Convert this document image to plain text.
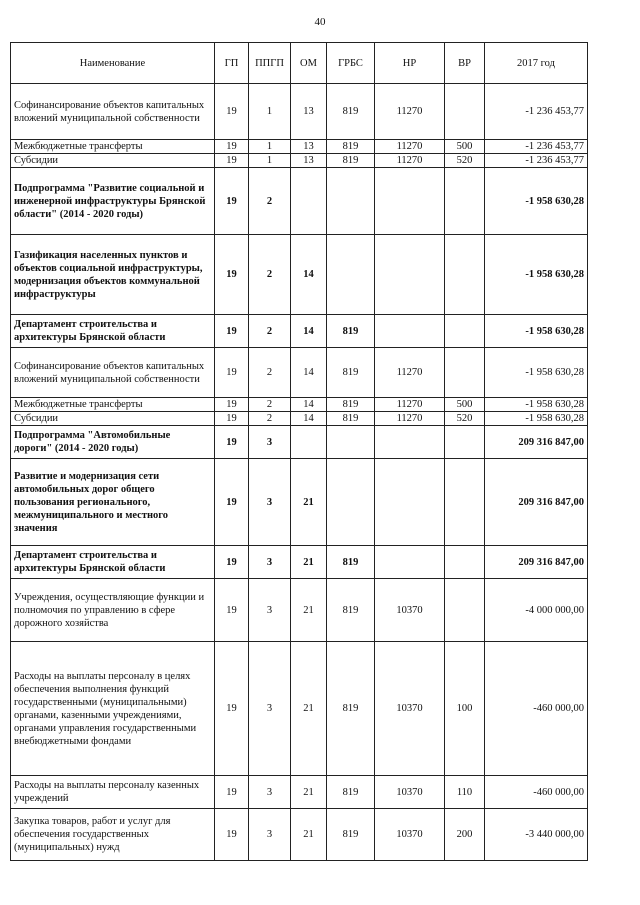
40
Наименование	ГП	ППГП	ОМ	ГРБС	НР	ВР	2017 год
Софинансирование объектов капитальных вложений муниципальной собственности	19	1	13	819	11270		-1 236 453,77
Межбюджетные трансферты	19	1	13	819	11270	500	-1 236 453,77
Субсидии	19	1	13	819	11270	520	-1 236 453,77
Подпрограмма "Развитие социальной и инженерной инфраструктуры Брянской области" (2014 - 2020 годы)	19	2					-1 958 630,28
Газификация населенных пунктов и объектов социальной инфраструктуры, модернизация объектов коммунальной инфраструктуры	19	2	14				-1 958 630,28
Департамент строительства и архитектуры Брянской области	19	2	14	819			-1 958 630,28
Софинансирование объектов капитальных вложений муниципальной собственности	19	2	14	819	11270		-1 958 630,28
Межбюджетные трансферты	19	2	14	819	11270	500	-1 958 630,28
Субсидии	19	2	14	819	11270	520	-1 958 630,28
Подпрограмма "Автомобильные дороги" (2014 - 2020 годы)	19	3					209 316 847,00
Развитие и модернизация сети автомобильных дорог общего пользования регионального, межмуниципального и местного значения	19	3	21				209 316 847,00
Департамент строительства и архитектуры Брянской области	19	3	21	819			209 316 847,00
Учреждения, осуществляющие функции и полномочия по управлению в сфере дорожного хозяйства	19	3	21	819	10370		-4 000 000,00
Расходы на выплаты персоналу в целях обеспечения выполнения функций государственными (муниципальными) органами, казенными учреждениями, органами управления государственными внебюджетными фондами	19	3	21	819	10370	100	-460 000,00
Расходы на выплаты персоналу казенных учреждений	19	3	21	819	10370	110	-460 000,00
Закупка товаров, работ и услуг для обеспечения государственных (муниципальных) нужд	19	3	21	819	10370	200	-3 440 000,00
